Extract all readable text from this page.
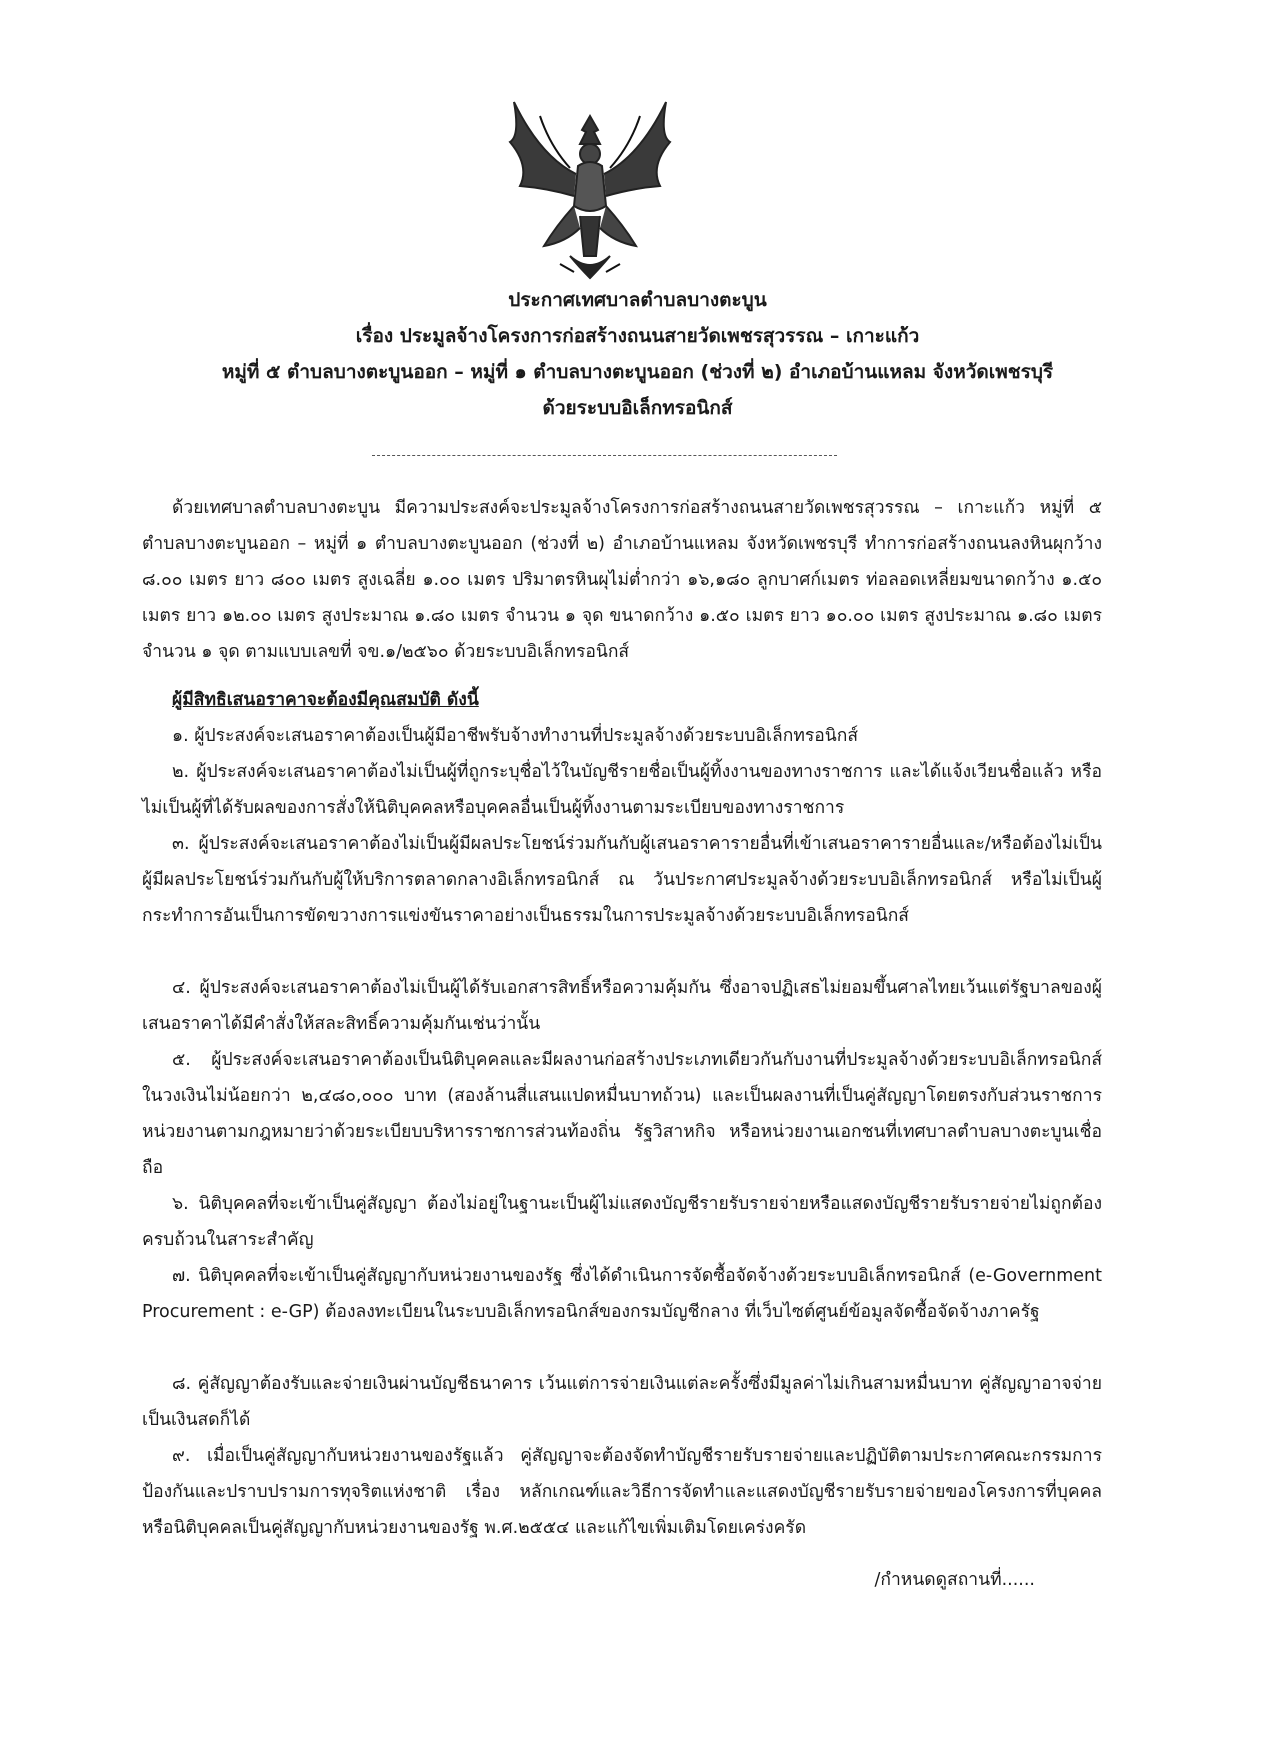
ประกาศเทศบาลตำบลบางตะบูน
เรื่อง ประมูลจ้างโครงการก่อสร้างถนนสายวัดเพชรสุวรรณ – เกาะแก้ว
หมู่ที่ ๕ ตำบลบางตะบูนออก – หมู่ที่ ๑ ตำบลบางตะบูนออก (ช่วงที่ ๒) อำเภอบ้านแหลม จังหวัดเพชรบุรี
ด้วยระบบอิเล็กทรอนิกส์
ด้วยเทศบาลตำบลบางตะบูน มีความประสงค์จะประมูลจ้างโครงการก่อสร้างถนนสายวัดเพชรสุวรรณ – เกาะแก้ว หมู่ที่ ๕ ตำบลบางตะบูนออก – หมู่ที่ ๑ ตำบลบางตะบูนออก (ช่วงที่ ๒) อำเภอบ้านแหลม จังหวัดเพชรบุรี ทำการก่อสร้างถนนลงหินผุกว้าง ๘.๐๐ เมตร ยาว ๘๐๐ เมตร สูงเฉลี่ย ๑.๐๐ เมตร ปริมาตรหินผุไม่ต่ำกว่า ๑๖,๑๘๐ ลูกบาศก์เมตร ท่อลอดเหลี่ยมขนาดกว้าง ๑.๕๐ เมตร ยาว ๑๒.๐๐ เมตร สูงประมาณ ๑.๘๐ เมตร จำนวน ๑ จุด ขนาดกว้าง ๑.๕๐ เมตร ยาว ๑๐.๐๐ เมตร สูงประมาณ ๑.๘๐ เมตร จำนวน ๑ จุด ตามแบบเลขที่ จข.๑/๒๕๖๐ ด้วยระบบอิเล็กทรอนิกส์
ผู้มีสิทธิเสนอราคาจะต้องมีคุณสมบัติ ดังนี้
๑. ผู้ประสงค์จะเสนอราคาต้องเป็นผู้มีอาชีพรับจ้างทำงานที่ประมูลจ้างด้วยระบบอิเล็กทรอนิกส์
๒. ผู้ประสงค์จะเสนอราคาต้องไม่เป็นผู้ที่ถูกระบุชื่อไว้ในบัญชีรายชื่อเป็นผู้ทิ้งงานของทางราชการ และได้แจ้งเวียนชื่อแล้ว หรือไม่เป็นผู้ที่ได้รับผลของการสั่งให้นิติบุคคลหรือบุคคลอื่นเป็นผู้ทิ้งงานตามระเบียบของทางราชการ
๓. ผู้ประสงค์จะเสนอราคาต้องไม่เป็นผู้มีผลประโยชน์ร่วมกันกับผู้เสนอราคารายอื่นที่เข้าเสนอราคารายอื่นและ/หรือต้องไม่เป็นผู้มีผลประโยชน์ร่วมกันกับผู้ให้บริการตลาดกลางอิเล็กทรอนิกส์ ณ วันประกาศประมูลจ้างด้วยระบบอิเล็กทรอนิกส์ หรือไม่เป็นผู้กระทำการอันเป็นการขัดขวางการแข่งขันราคาอย่างเป็นธรรมในการประมูลจ้างด้วยระบบอิเล็กทรอนิกส์
๔. ผู้ประสงค์จะเสนอราคาต้องไม่เป็นผู้ได้รับเอกสารสิทธิ์หรือความคุ้มกัน ซึ่งอาจปฏิเสธไม่ยอมขึ้นศาลไทยเว้นแต่รัฐบาลของผู้เสนอราคาได้มีคำสั่งให้สละสิทธิ์ความคุ้มกันเช่นว่านั้น
๕. ผู้ประสงค์จะเสนอราคาต้องเป็นนิติบุคคลและมีผลงานก่อสร้างประเภทเดียวกันกับงานที่ประมูลจ้างด้วยระบบอิเล็กทรอนิกส์ ในวงเงินไม่น้อยกว่า ๒,๔๘๐,๐๐๐ บาท (สองล้านสี่แสนแปดหมื่นบาทถ้วน) และเป็นผลงานที่เป็นคู่สัญญาโดยตรงกับส่วนราชการ หน่วยงานตามกฎหมายว่าด้วยระเบียบบริหารราชการส่วนท้องถิ่น รัฐวิสาหกิจ หรือหน่วยงานเอกชนที่เทศบาลตำบลบางตะบูนเชื่อถือ
๖. นิติบุคคลที่จะเข้าเป็นคู่สัญญา ต้องไม่อยู่ในฐานะเป็นผู้ไม่แสดงบัญชีรายรับรายจ่ายหรือแสดงบัญชีรายรับรายจ่ายไม่ถูกต้องครบถ้วนในสาระสำคัญ
๗. นิติบุคคลที่จะเข้าเป็นคู่สัญญากับหน่วยงานของรัฐ ซึ่งได้ดำเนินการจัดซื้อจัดจ้างด้วยระบบอิเล็กทรอนิกส์ (e-Government Procurement : e-GP) ต้องลงทะเบียนในระบบอิเล็กทรอนิกส์ของกรมบัญชีกลาง ที่เว็บไซต์ศูนย์ข้อมูลจัดซื้อจัดจ้างภาครัฐ
๘. คู่สัญญาต้องรับและจ่ายเงินผ่านบัญชีธนาคาร เว้นแต่การจ่ายเงินแต่ละครั้งซึ่งมีมูลค่าไม่เกินสามหมื่นบาท คู่สัญญาอาจจ่ายเป็นเงินสดก็ได้
๙. เมื่อเป็นคู่สัญญากับหน่วยงานของรัฐแล้ว คู่สัญญาจะต้องจัดทำบัญชีรายรับรายจ่ายและปฏิบัติตามประกาศคณะกรรมการป้องกันและปราบปรามการทุจริตแห่งชาติ เรื่อง หลักเกณฑ์และวิธีการจัดทำและแสดงบัญชีรายรับรายจ่ายของโครงการที่บุคคลหรือนิติบุคคลเป็นคู่สัญญากับหน่วยงานของรัฐ พ.ศ.๒๕๕๔ และแก้ไขเพิ่มเติมโดยเคร่งครัด
/กำหนดดูสถานที่......
